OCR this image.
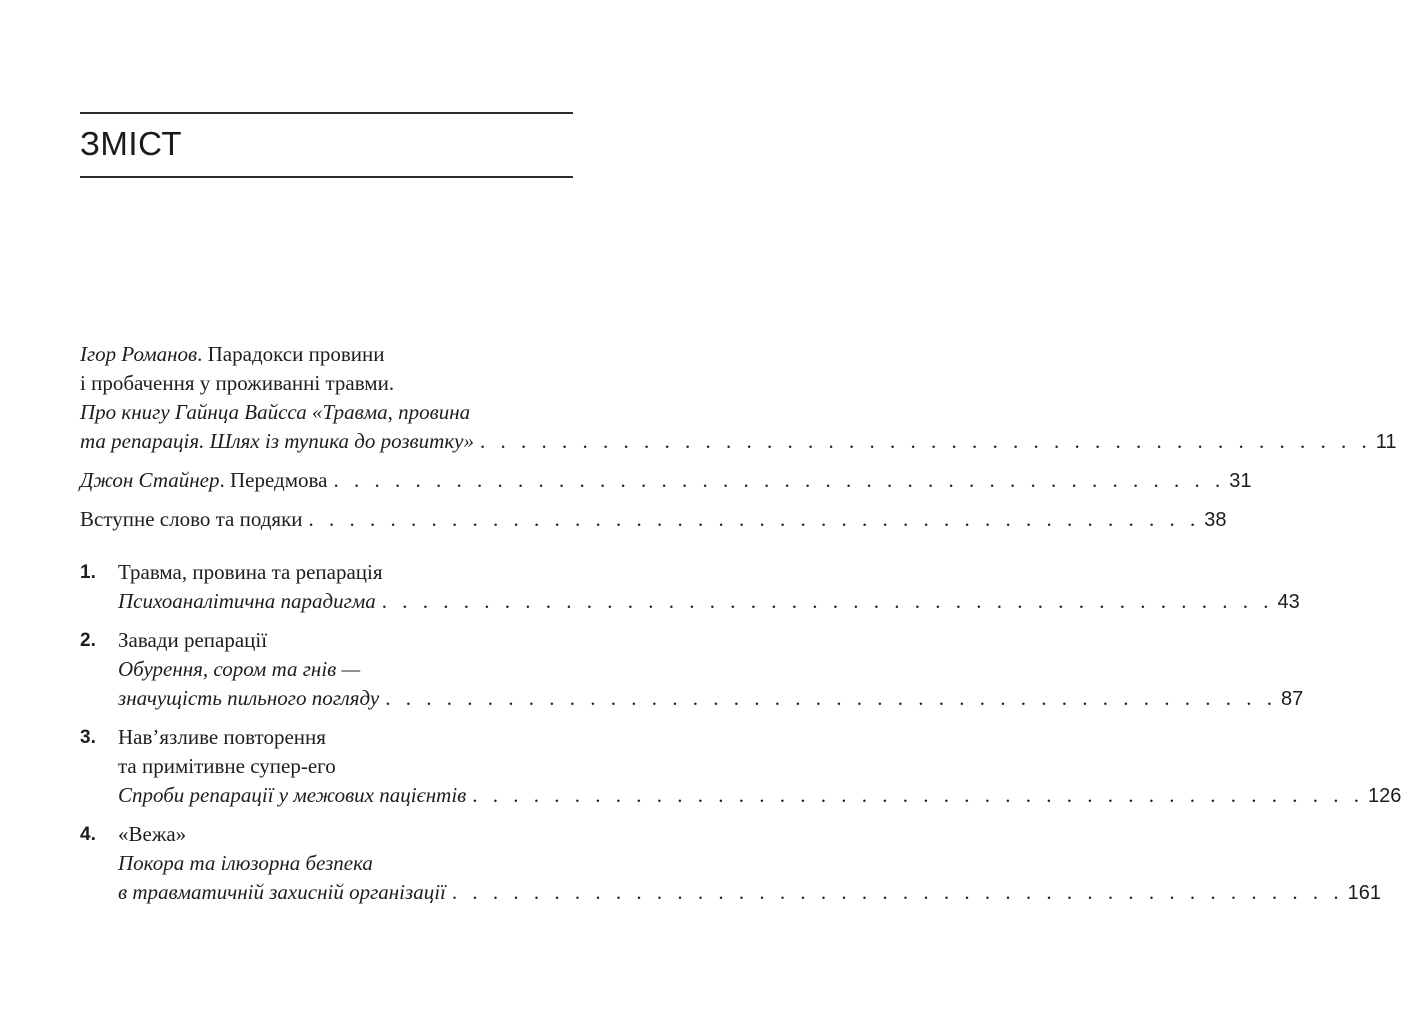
ЗМІСТ
Ігор Романов. Парадокси провини
і пробачення у проживанні травми.
Про книгу Гайнца Вайсса «Травма, провина
та репарація. Шлях із тупика до розвитку» . . . . . . . . . . . . . . . . . . . . . . . . . . . . . . . . . . . . . . . . . . . . 11
Джон Стайнер. Передмова . . . . . . . . . . . . . . . . . . . . . . . . . . . . . . . . . . . . . . . . . . . . 31
Вступне слово та подяки . . . . . . . . . . . . . . . . . . . . . . . . . . . . . . . . . . . . . . . . . . . . 38
1. Травма, провина та репарація
Психоаналітична парадигма . . . . . . . . . . . . . . . . . . . . . . . . . . . . . . . . . . . . . . . . . . . . 43
2. Завади репарації
Обурення, сором та гнів —
значущість пильного погляду . . . . . . . . . . . . . . . . . . . . . . . . . . . . . . . . . . . . . . . . . . . . 87
3. Нав’язливе повторення
та примітивне супер-его
Спроби репарації у межових пацієнтів . . . . . . . . . . . . . . . . . . . . . . . . . . . . . . . . . . . . . . . . . . . . 126
4. «Вежа»
Покора та ілюзорна безпека
в травматичній захисній організації . . . . . . . . . . . . . . . . . . . . . . . . . . . . . . . . . . . . . . . . . . . . 161
